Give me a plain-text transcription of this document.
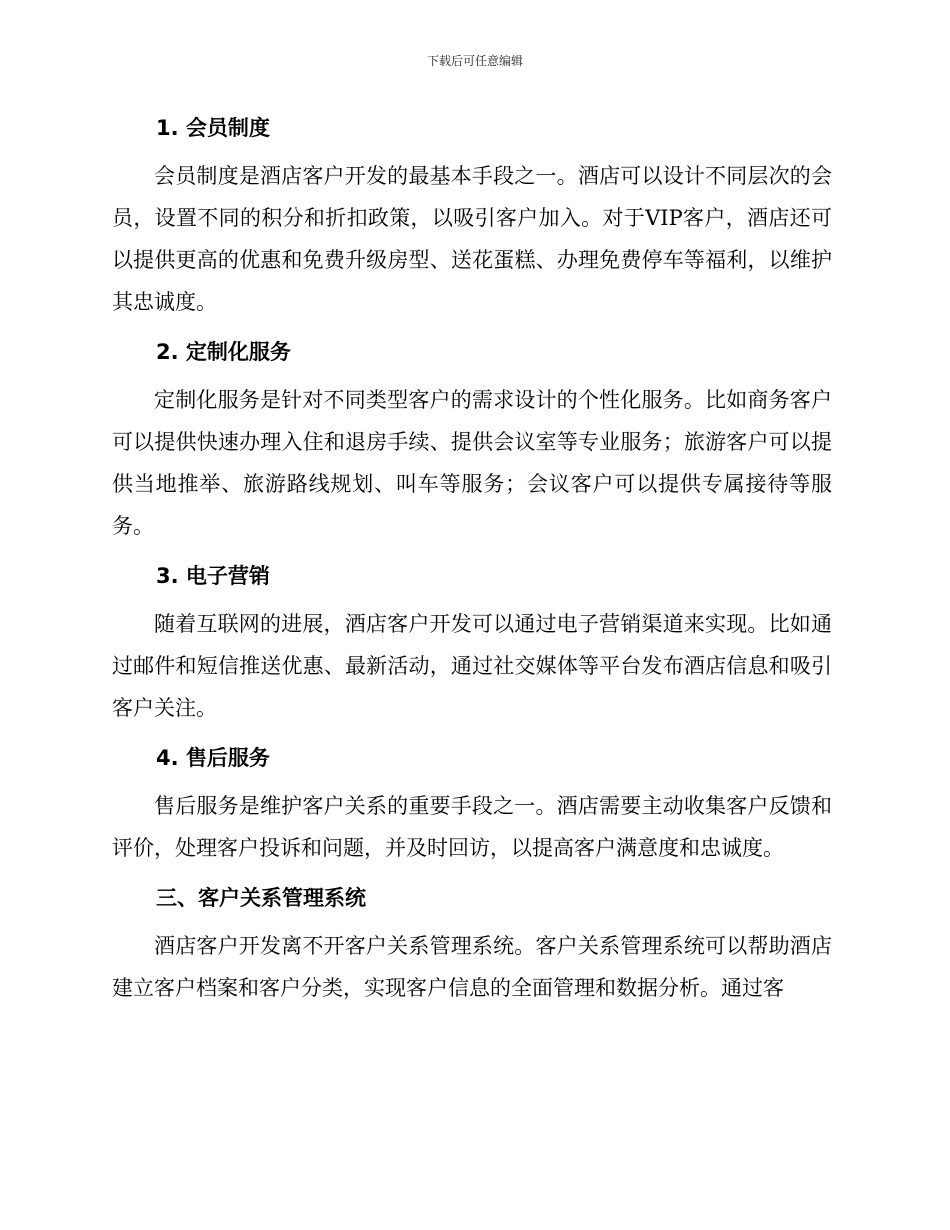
下载后可任意编辑
1. 会员制度

会员制度是酒店客户开发的最基本手段之一。酒店可以设计不同层次的会员，设置不同的积分和折扣政策，以吸引客户加入。对于VIP客户，酒店还可以提供更高的优惠和免费升级房型、送花蛋糕、办理免费停车等福利，以维护其忠诚度。

2. 定制化服务

定制化服务是针对不同类型客户的需求设计的个性化服务。比如商务客户可以提供快速办理入住和退房手续、提供会议室等专业服务；旅游客户可以提供当地推举、旅游路线规划、叫车等服务；会议客户可以提供专属接待等服务。

3. 电子营销

随着互联网的进展，酒店客户开发可以通过电子营销渠道来实现。比如通过邮件和短信推送优惠、最新活动，通过社交媒体等平台发布酒店信息和吸引客户关注。

4. 售后服务

售后服务是维护客户关系的重要手段之一。酒店需要主动收集客户反馈和评价，处理客户投诉和问题，并及时回访，以提高客户满意度和忠诚度。

三、客户关系管理系统

酒店客户开发离不开客户关系管理系统。客户关系管理系统可以帮助酒店建立客户档案和客户分类，实现客户信息的全面管理和数据分析。通过客
